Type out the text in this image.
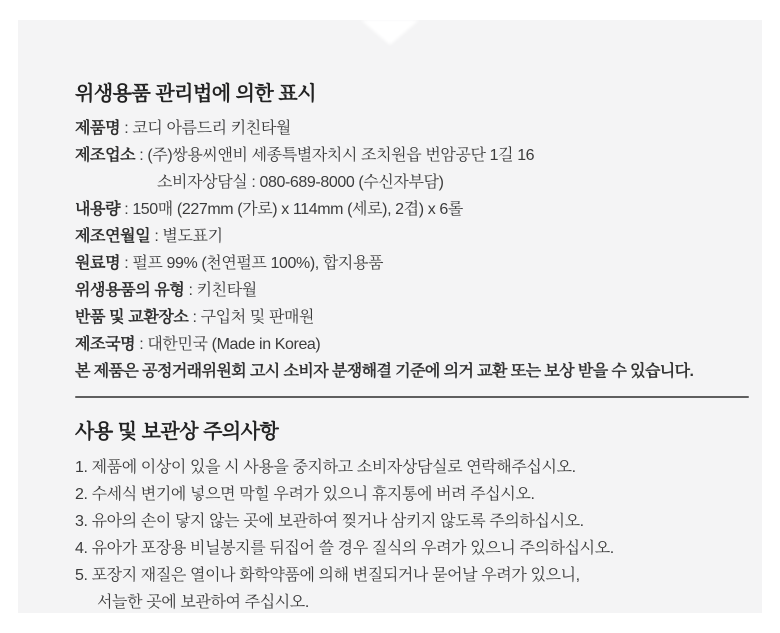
위생용품 관리법에 의한 표시
제품명 : 코디 아름드리 키친타월
제조업소 : (주)쌍용씨앤비 세종특별자치시 조치원읍 번암공단 1길 16
소비자상담실 : 080-689-8000 (수신자부담)
내용량 : 150매 (227mm (가로) x 114mm (세로), 2겹) x 6롤
제조연월일 : 별도표기
원료명 : 펄프 99% (천연펄프 100%), 합지용품
위생용품의 유형 : 키친타월
반품 및 교환장소 : 구입처 및 판매원
제조국명 : 대한민국 (Made in Korea)
본 제품은 공정거래위원회 고시 소비자 분쟁해결 기준에 의거 교환 또는 보상 받을 수 있습니다.
사용 및 보관상 주의사항
1. 제품에 이상이 있을 시 사용을 중지하고 소비자상담실로 연락해주십시오.
2. 수세식 변기에 넣으면 막힐 우려가 있으니 휴지통에 버려 주십시오.
3. 유아의 손이 닿지 않는 곳에 보관하여 찢거나 삼키지 않도록 주의하십시오.
4. 유아가 포장용 비닐봉지를 뒤집어 쓸 경우 질식의 우려가 있으니 주의하십시오.
5. 포장지 재질은 열이나 화학약품에 의해 변질되거나 묻어날 우려가 있으니,
서늘한 곳에 보관하여 주십시오.
